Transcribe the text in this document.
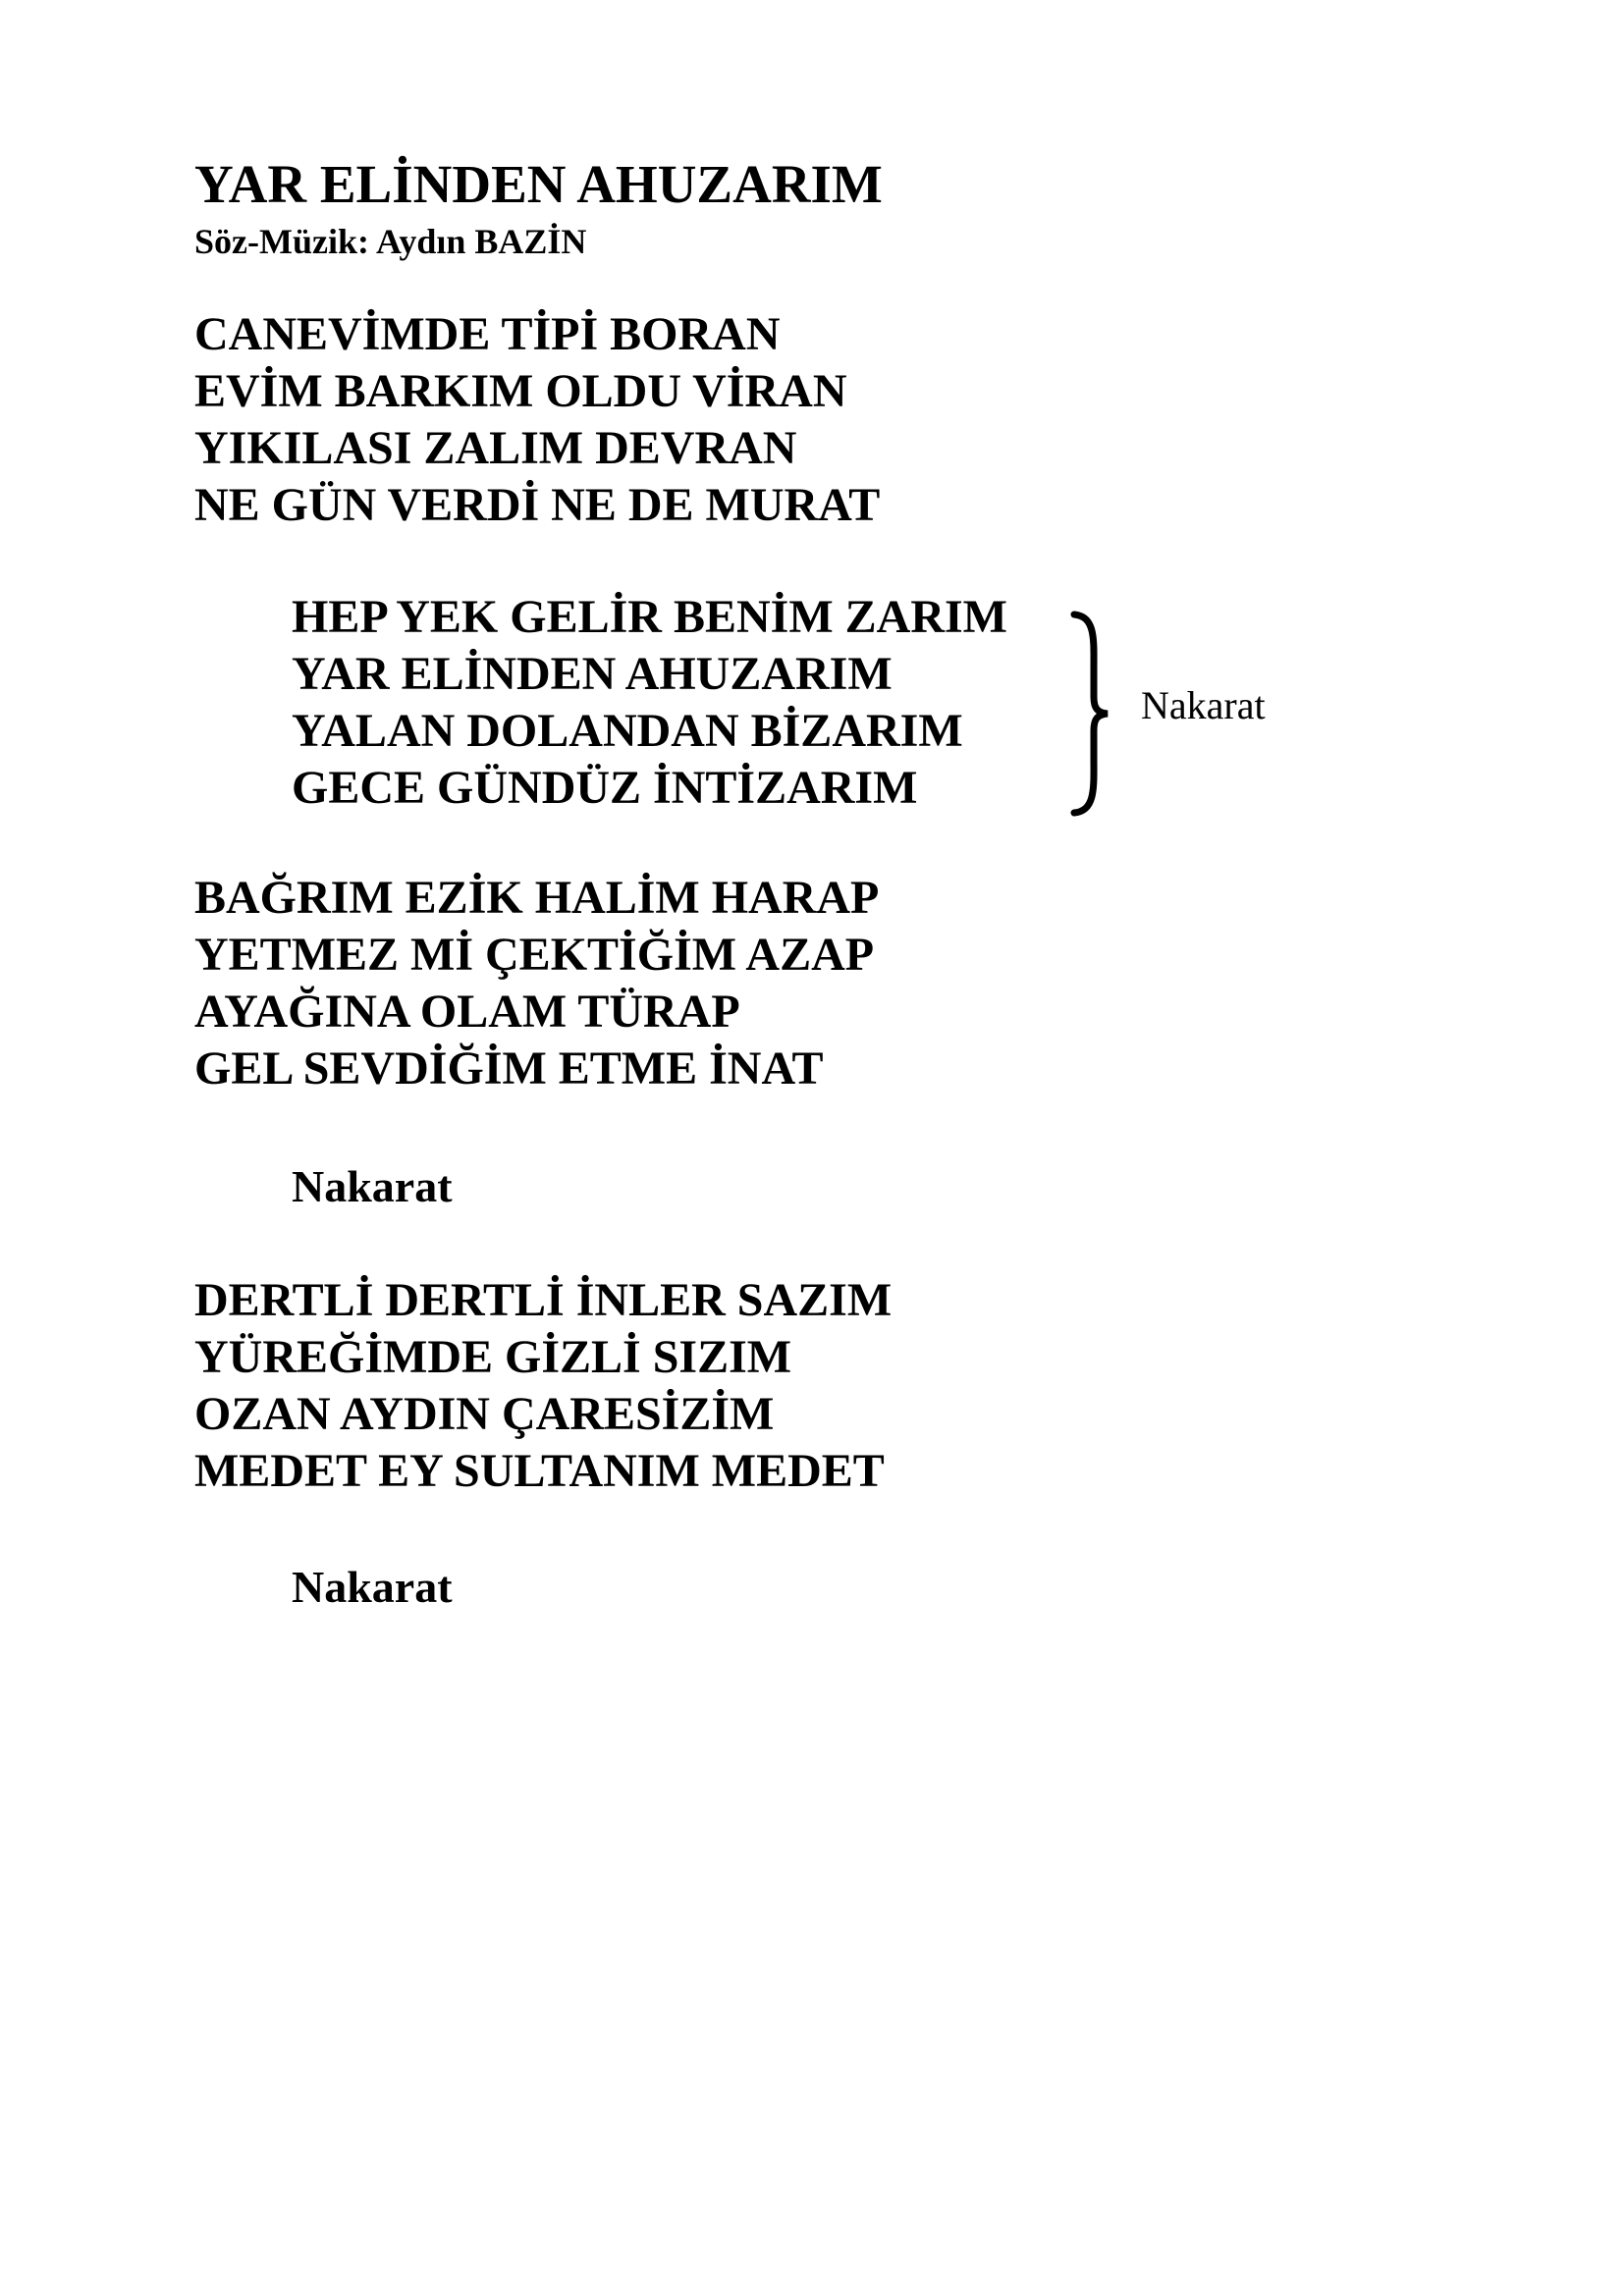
YAR ELİNDEN AHUZARIM
Söz-Müzik: Aydın BAZİN
CANEVİMDE TİPİ BORAN
EVİM BARKIM OLDU VİRAN
YIKILASI ZALIM DEVRAN
NE GÜN VERDİ NE DE MURAT
HEP YEK GELİR BENİM ZARIM
YAR ELİNDEN AHUZARIM
YALAN DOLANDAN BİZARIM
GECE GÜNDÜZ İNTİZARIM
Nakarat
BAĞRIM EZİK HALİM HARAP
YETMEZ Mİ ÇEKTİĞİM AZAP
AYAĞINA OLAM TÜRAP
GEL SEVDİĞİM ETME İNAT
Nakarat
DERTLİ DERTLİ İNLER SAZIM
YÜREĞİMDE GİZLİ SIZIM
OZAN AYDIN ÇARESİZİM
MEDET EY SULTANIM MEDET
Nakarat
